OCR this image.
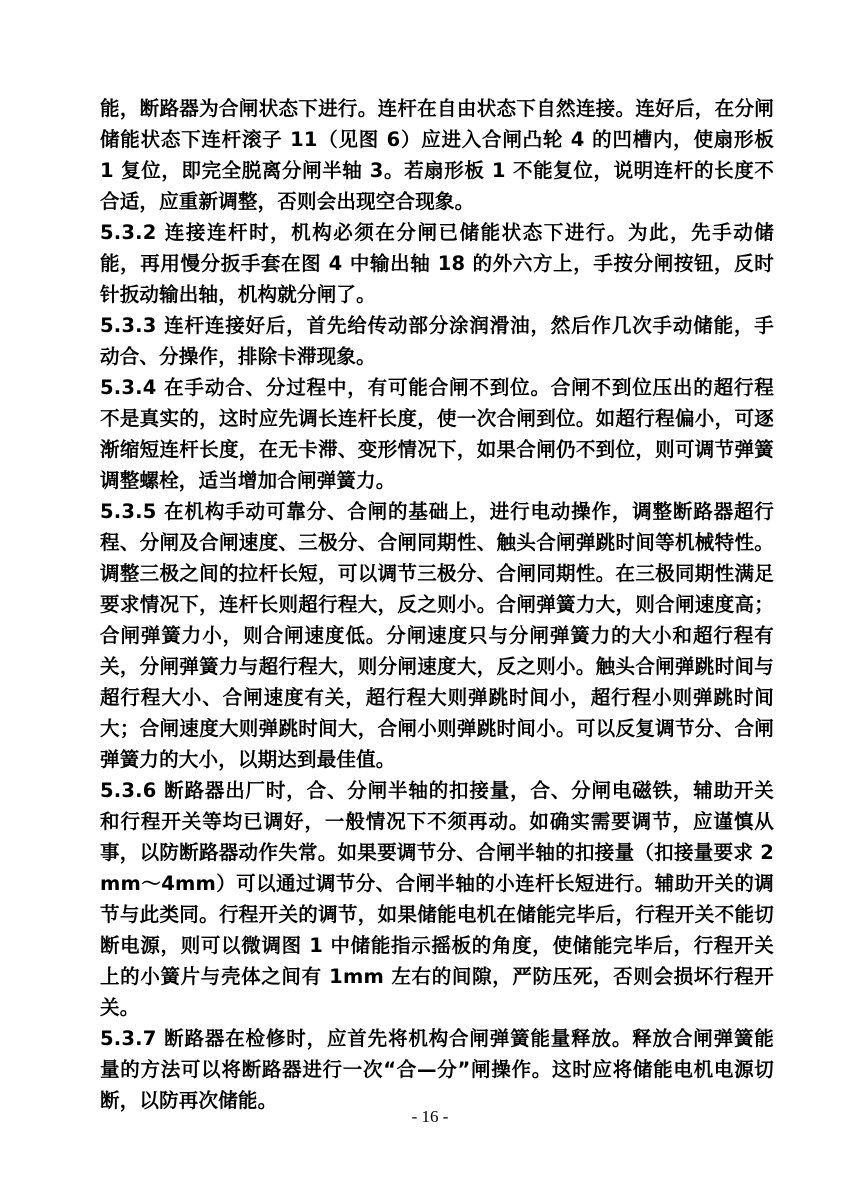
能，断路器为合闸状态下进行。连杆在自由状态下自然连接。连好后，在分闸储能状态下连杆滚子 11（见图 6）应进入合闸凸轮 4 的凹槽内，使扇形板 1 复位，即完全脱离分闸半轴 3。若扇形板 1 不能复位，说明连杆的长度不合适，应重新调整，否则会出现空合现象。

5.3.2 连接连杆时，机构必须在分闸已储能状态下进行。为此，先手动储能，再用慢分扳手套在图 4 中输出轴 18 的外六方上，手按分闸按钮，反时针扳动输出轴，机构就分闸了。

5.3.3 连杆连接好后，首先给传动部分涂润滑油，然后作几次手动储能，手动合、分操作，排除卡滞现象。

5.3.4 在手动合、分过程中，有可能合闸不到位。合闸不到位压出的超行程不是真实的，这时应先调长连杆长度，使一次合闸到位。如超行程偏小，可逐渐缩短连杆长度，在无卡滞、变形情况下，如果合闸仍不到位，则可调节弹簧调整螺栓，适当增加合闸弹簧力。

5.3.5 在机构手动可靠分、合闸的基础上，进行电动操作，调整断路器超行程、分闸及合闸速度、三极分、合闸同期性、触头合闸弹跳时间等机械特性。调整三极之间的拉杆长短，可以调节三极分、合闸同期性。在三极同期性满足要求情况下，连杆长则超行程大，反之则小。合闸弹簧力大，则合闸速度高；合闸弹簧力小，则合闸速度低。分闸速度只与分闸弹簧力的大小和超行程有关，分闸弹簧力与超行程大，则分闸速度大，反之则小。触头合闸弹跳时间与超行程大小、合闸速度有关，超行程大则弹跳时间小，超行程小则弹跳时间大；合闸速度大则弹跳时间大，合闸小则弹跳时间小。可以反复调节分、合闸弹簧力的大小，以期达到最佳值。

5.3.6 断路器出厂时，合、分闸半轴的扣接量，合、分闸电磁铁，辅助开关和行程开关等均已调好，一般情况下不须再动。如确实需要调节，应谨慎从事，以防断路器动作失常。如果要调节分、合闸半轴的扣接量（扣接量要求 2mm～4mm）可以通过调节分、合闸半轴的小连杆长短进行。辅助开关的调节与此类同。行程开关的调节，如果储能电机在储能完毕后，行程开关不能切断电源，则可以微调图 1 中储能指示摇板的角度，使储能完毕后，行程开关上的小簧片与壳体之间有 1mm 左右的间隙，严防压死，否则会损坏行程开关。

5.3.7 断路器在检修时，应首先将机构合闸弹簧能量释放。释放合闸弹簧能量的方法可以将断路器进行一次“合—分”闸操作。这时应将储能电机电源切断，以防再次储能。

- 16 -
